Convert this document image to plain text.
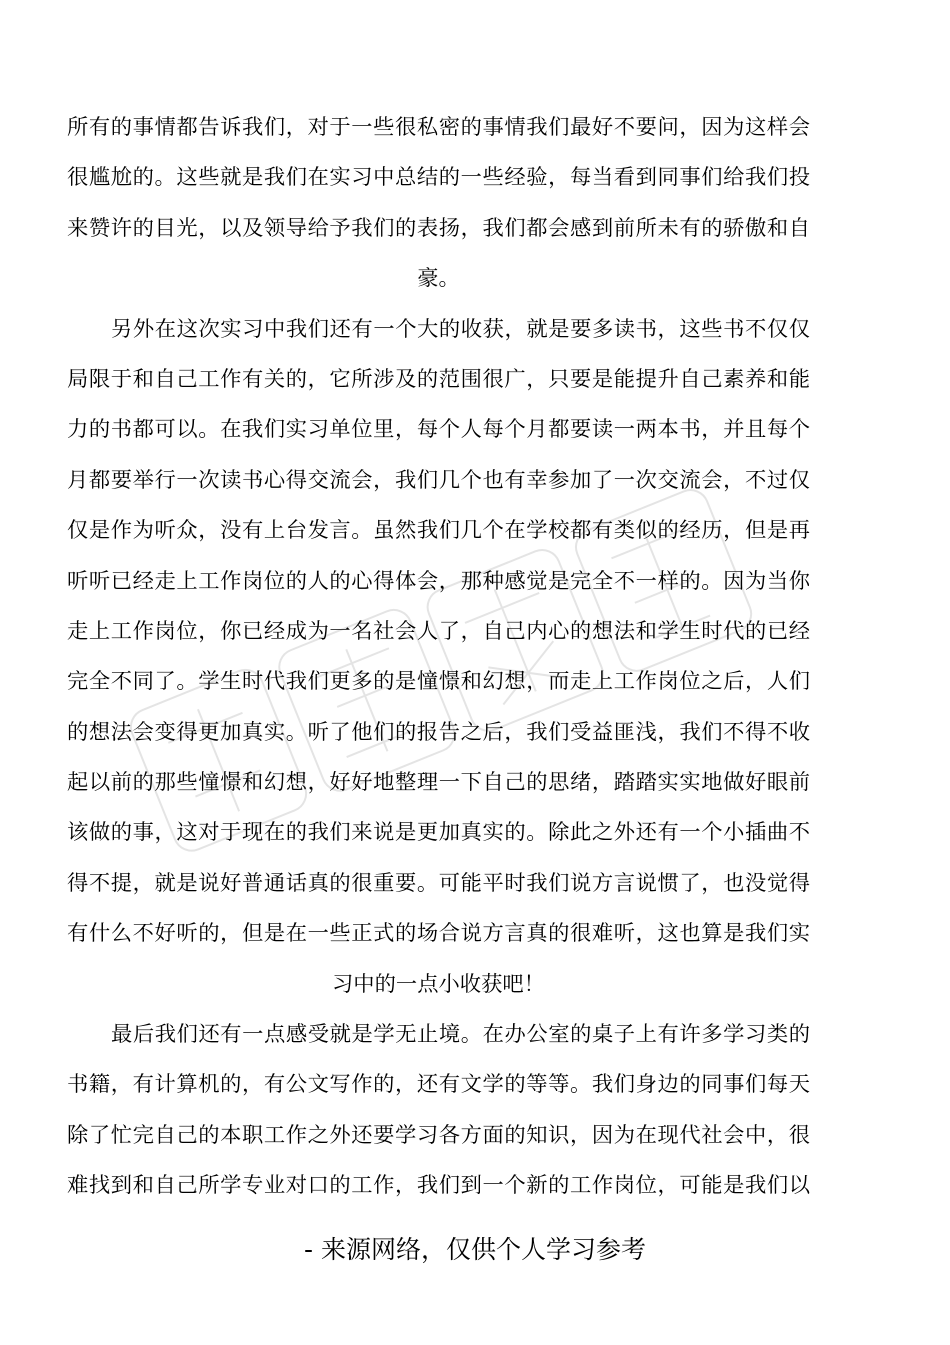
所有的事情都告诉我们，对于一些很私密的事情我们最好不要问，因为这样会
很尴尬的。这些就是我们在实习中总结的一些经验，每当看到同事们给我们投
来赞许的目光，以及领导给予我们的表扬，我们都会感到前所未有的骄傲和自
豪。
另外在这次实习中我们还有一个大的收获，就是要多读书，这些书不仅仅
局限于和自己工作有关的，它所涉及的范围很广，只要是能提升自己素养和能
力的书都可以。在我们实习单位里，每个人每个月都要读一两本书，并且每个
月都要举行一次读书心得交流会，我们几个也有幸参加了一次交流会，不过仅
仅是作为听众，没有上台发言。虽然我们几个在学校都有类似的经历，但是再
听听已经走上工作岗位的人的心得体会，那种感觉是完全不一样的。因为当你
走上工作岗位，你已经成为一名社会人了，自己内心的想法和学生时代的已经
完全不同了。学生时代我们更多的是憧憬和幻想，而走上工作岗位之后，人们
的想法会变得更加真实。听了他们的报告之后，我们受益匪浅，我们不得不收
起以前的那些憧憬和幻想，好好地整理一下自己的思绪，踏踏实实地做好眼前
该做的事，这对于现在的我们来说是更加真实的。除此之外还有一个小插曲不
得不提，就是说好普通话真的很重要。可能平时我们说方言说惯了，也没觉得
有什么不好听的，但是在一些正式的场合说方言真的很难听，这也算是我们实
习中的一点小收获吧！
最后我们还有一点感受就是学无止境。在办公室的桌子上有许多学习类的
书籍，有计算机的，有公文写作的，还有文学的等等。我们身边的同事们每天
除了忙完自己的本职工作之外还要学习各方面的知识，因为在现代社会中，很
难找到和自己所学专业对口的工作，我们到一个新的工作岗位，可能是我们以
- 来源网络，仅供个人学习参考
